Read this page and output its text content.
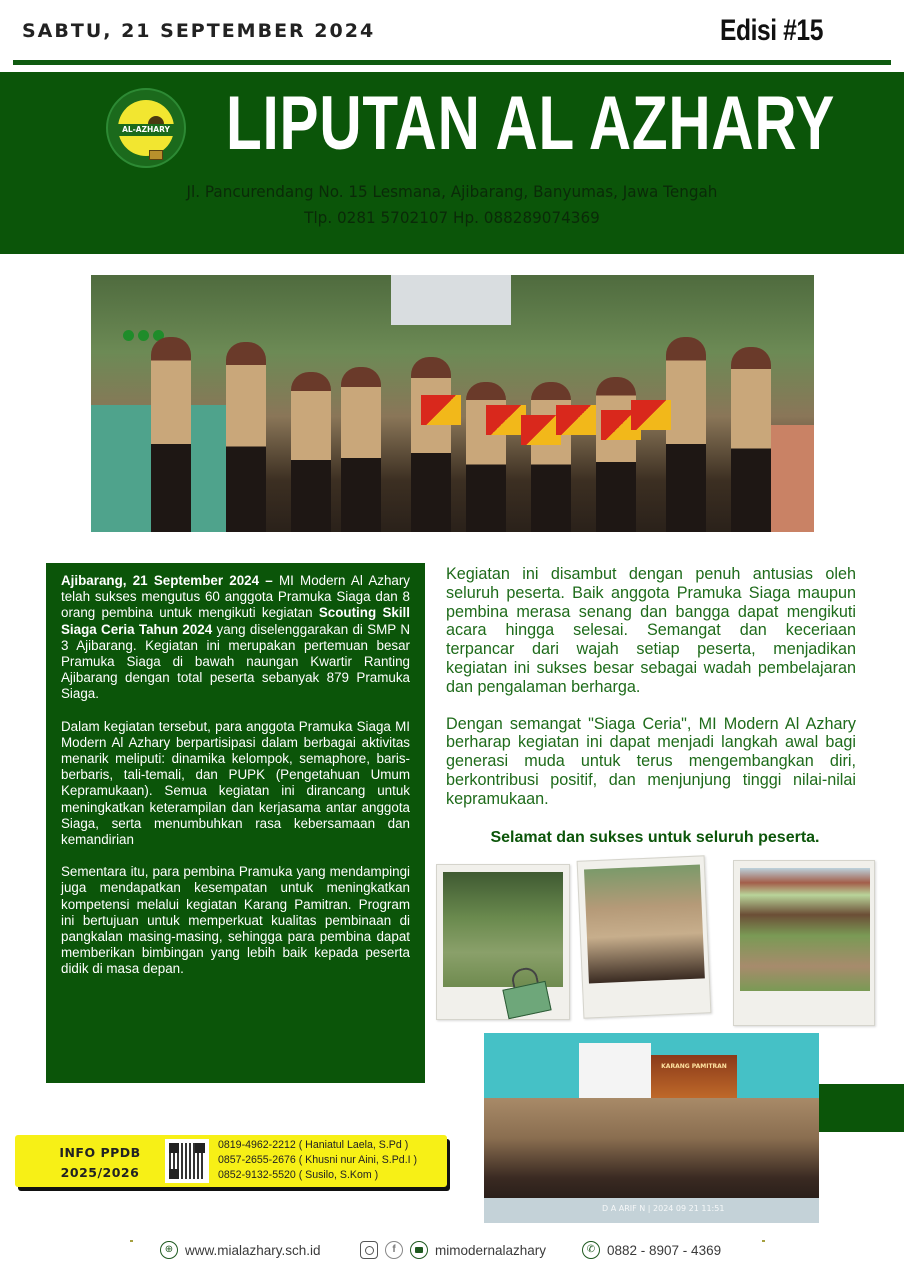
SABTU, 21 SEPTEMBER 2024	Edisi #15
AL-AZHARY LIPUTAN AL AZHARY
Jl. Pancurendang No. 15 Lesmana, Ajibarang, Banyumas, Jawa Tengah
Tlp. 0281 5702107 Hp. 088289074369

Ajibarang, 21 September 2024 – MI Modern Al Azhary telah sukses mengutus 60 anggota Pramuka Siaga dan 8 orang pembina untuk mengikuti kegiatan Scouting Skill Siaga Ceria Tahun 2024 yang diselenggarakan di SMP N 3 Ajibarang. Kegiatan ini merupakan pertemuan besar Pramuka Siaga di bawah naungan Kwartir Ranting Ajibarang dengan total peserta sebanyak 879 Pramuka Siaga.

Dalam kegiatan tersebut, para anggota Pramuka Siaga MI Modern Al Azhary berpartisipasi dalam berbagai aktivitas menarik meliputi: dinamika kelompok, semaphore, baris-berbaris, tali-temali, dan PUPK (Pengetahuan Umum Kepramukaan). Semua kegiatan ini dirancang untuk meningkatkan keterampilan dan kerjasama antar anggota Siaga, serta menumbuhkan rasa kebersamaan dan kemandirian

Sementara itu, para pembina Pramuka yang mendampingi juga mendapatkan kesempatan untuk meningkatkan kompetensi melalui kegiatan Karang Pamitran. Program ini bertujuan untuk memperkuat kualitas pembinaan di pangkalan masing-masing, sehingga para pembina dapat memberikan bimbingan yang lebih baik kepada peserta didik di masa depan.

Kegiatan ini disambut dengan penuh antusias oleh seluruh peserta. Baik anggota Pramuka Siaga maupun pembina merasa senang dan bangga dapat mengikuti acara hingga selesai. Semangat dan keceriaan terpancar dari wajah setiap peserta, menjadikan kegiatan ini sukses besar sebagai wadah pembelajaran dan pengalaman berharga.

Dengan semangat "Siaga Ceria", MI Modern Al Azhary berharap kegiatan ini dapat menjadi langkah awal bagi generasi muda untuk terus mengembangkan diri, berkontribusi positif, dan menjunjung tinggi nilai-nilai kepramukaan.

Selamat dan sukses untuk seluruh peserta.
KARANG PAMITRAN
D A ARIF N | 2024 09 21 11:51
INFO PPDB
2025/2026
0819-4962-2212 ( Haniatul Laela, S.Pd )
0857-2655-2676 ( Khusni nur Aini, S.Pd.I )
0852-9132-5520 ( Susilo, S.Kom )
⊕ www.mialazhary.sch.id	f	mimodernalazhary	✆ 0882 - 8907 - 4369
